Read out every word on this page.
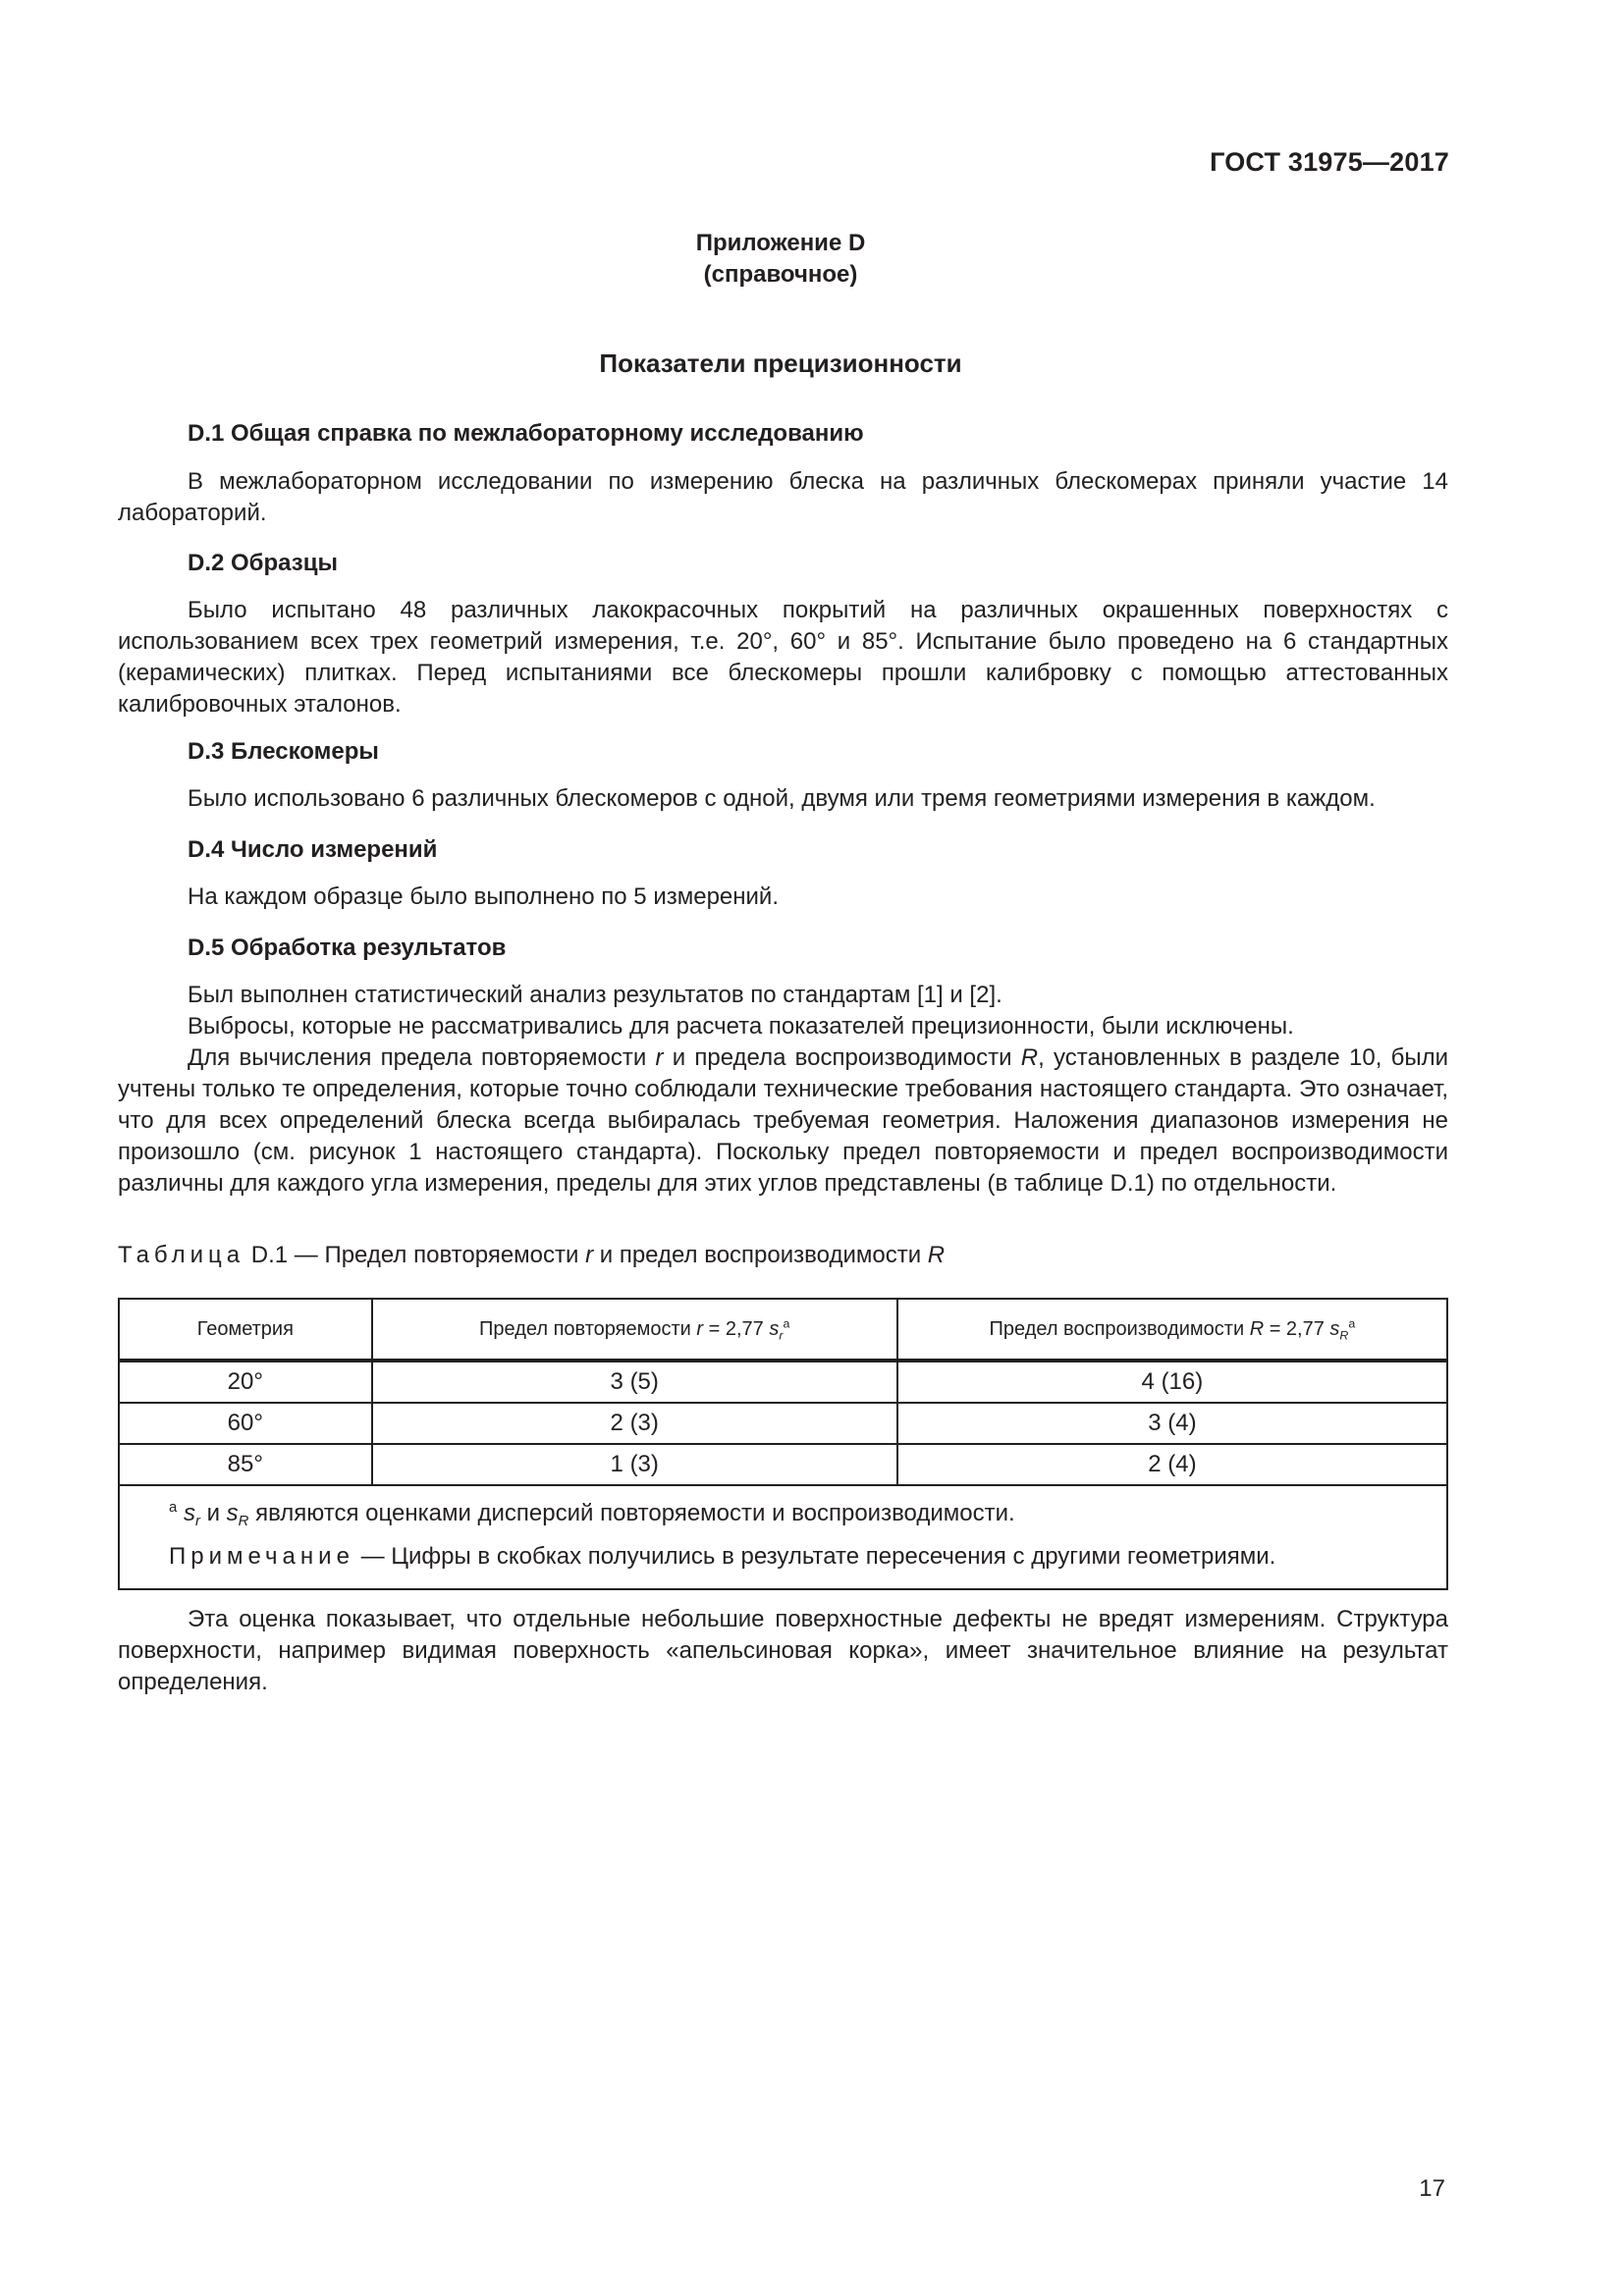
ГОСТ 31975—2017
Приложение D
(справочное)
Показатели прецизионности
D.1 Общая справка по межлабораторному исследованию

В межлабораторном исследовании по измерению блеска на различных блескомерах приняли участие 14 лабораторий.

D.2 Образцы

Было испытано 48 различных лакокрасочных покрытий на различных окрашенных поверхностях с использованием всех трех геометрий измерения, т.е. 20°, 60° и 85°. Испытание было проведено на 6 стандартных (керамических) плитках. Перед испытаниями все блескомеры прошли калибровку с помощью аттестованных калибровочных эталонов.

D.3 Блескомеры

Было использовано 6 различных блескомеров с одной, двумя или тремя геометриями измерения в каждом.

D.4 Число измерений

На каждом образце было выполнено по 5 измерений.

D.5 Обработка результатов

Был выполнен статистический анализ результатов по стандартам [1] и [2].

Выбросы, которые не рассматривались для расчета показателей прецизионности, были исключены.

Для вычисления предела повторяемости r и предела воспроизводимости R, установленных в разделе 10, были учтены только те определения, которые точно соблюдали технические требования настоящего стандарта. Это означает, что для всех определений блеска всегда выбиралась требуемая геометрия. Наложения диапазонов измерения не произошло (см. рисунок 1 настоящего стандарта). Поскольку предел повторяемости и предел воспроизводимости различны для каждого угла измерения, пределы для этих углов представлены (в таблице D.1) по отдельности.

Таблица D.1 — Предел повторяемости r и предел воспроизводимости R
Геометрия	Предел повторяемости r = 2,77 $s_r^a$	Предел воспроизводимости R = 2,77 $s_R^a$
20°	3 (5)	4 (16)
60°	2 (3)	3 (4)
85°	1 (3)	2 (4)

$^a$ $s_r$ и $s_R$ являются оценками дисперсий повторяемости и воспроизводимости.
Примечание — Цифры в скобках получились в результате пересечения с другими геометриями.		

Эта оценка показывает, что отдельные небольшие поверхностные дефекты не вредят измерениям. Структура поверхности, например видимая поверхность «апельсиновая корка», имеет значительное влияние на результат определения.

17
